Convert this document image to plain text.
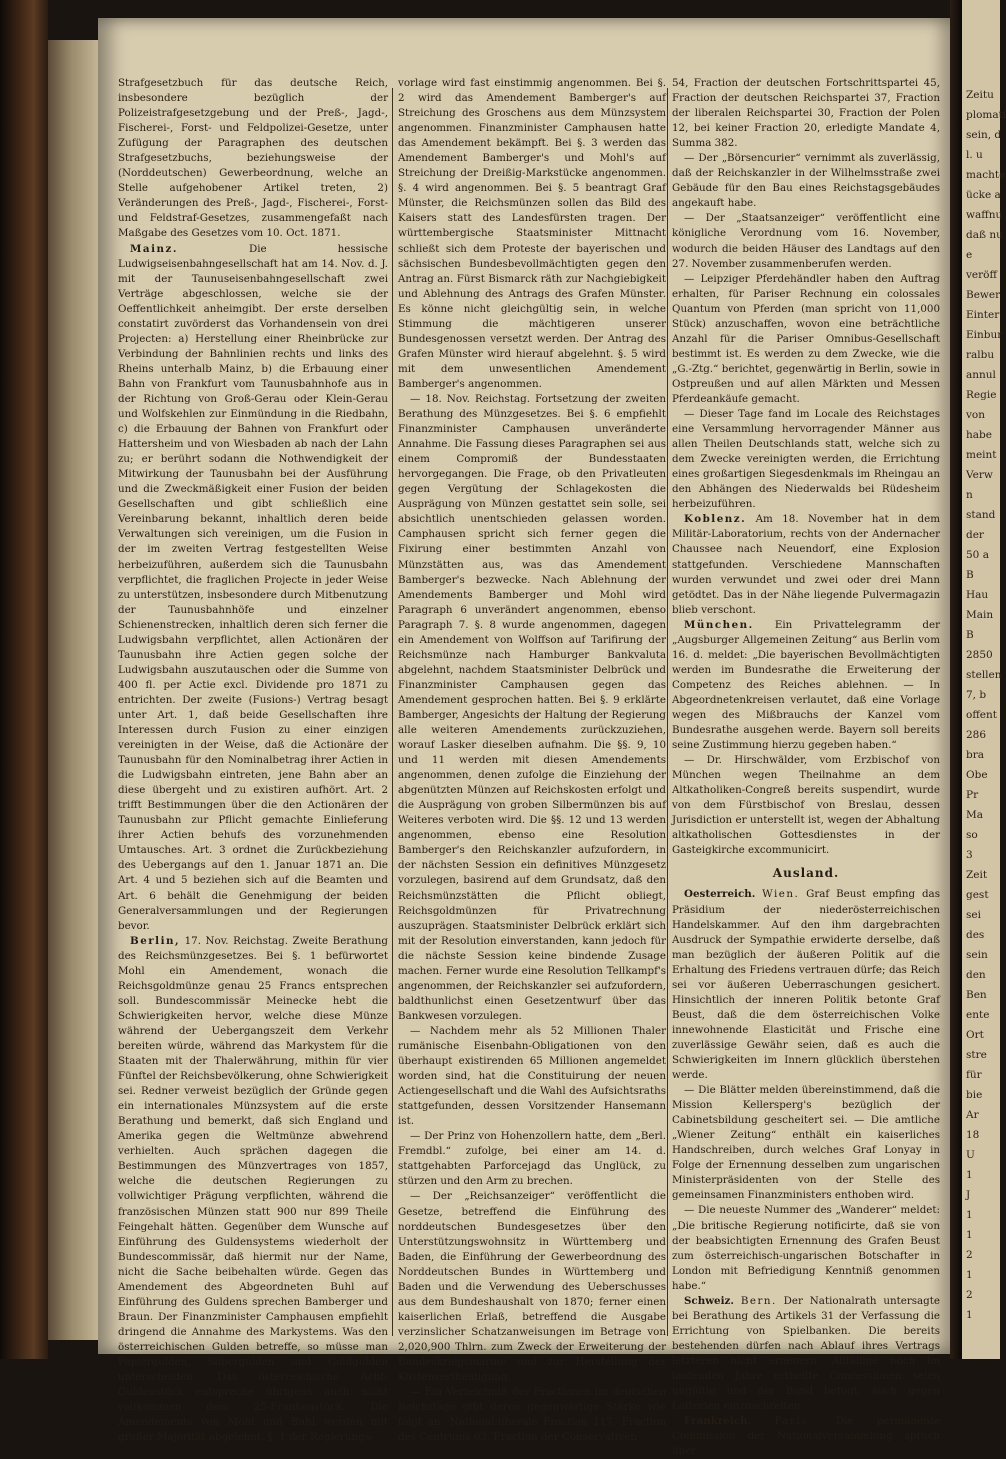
Zeitu
plomati
sein, d
l. u
machte
ücke a
waffnu
daß nu
e
veröff
Bewer
Einter
Einbur
ralbu
annul
Regie
von
habe
meint
Verw
n
stand
der
50 a
B
Hau
Main
B
2850
stellen
7, b
offent
286
bra
Obe
Pr
Ma
so
3
Zeit
gest
sei
des
sein
den
Ben
ente
Ort
stre
für
bie
Ar
18
U
1
J
1
1
2
1
2
1

Strafgesetzbuch für das deutsche Reich, insbesondere bezüglich der Polizeistrafgesetzgebung und der Preß-, Jagd-, Fischerei-, Forst- und Feldpolizei-Gesetze, unter Zufügung der Paragraphen des deutschen Strafgesetzbuchs, beziehungsweise der (Norddeutschen) Gewerbeordnung, welche an Stelle aufgehobener Artikel treten, 2) Veränderungen des Preß-, Jagd-, Fischerei-, Forst- und Feldstraf-Gesetzes, zusammengefaßt nach Maßgabe des Gesetzes vom 10. Oct. 1871.

Mainz.	Die hessische Ludwigseisenbahngesellschaft hat am 14. Nov. d. J. mit der Taunuseisenbahngesellschaft zwei Verträge abgeschlossen, welche sie der Oeffentlichkeit anheimgibt. Der erste derselben constatirt zuvörderst das Vorhandensein von drei Projecten: a) Herstellung einer Rheinbrücke zur Verbindung der Bahnlinien rechts und links des Rheins unterhalb Mainz, b) die Erbauung einer Bahn von Frankfurt vom Taunusbahnhofe aus in der Richtung von Groß-Gerau oder Klein-Gerau und Wolfskehlen zur Einmündung in die Riedbahn, c) die Erbauung der Bahnen von Frankfurt oder Hattersheim und von Wiesbaden ab nach der Lahn zu; er berührt sodann die Nothwendigkeit der Mitwirkung der Taunusbahn bei der Ausführung und die Zweckmäßigkeit einer Fusion der beiden Gesellschaften und gibt schließlich eine Vereinbarung bekannt, inhaltlich deren beide Verwaltungen sich vereinigen, um die Fusion in der im zweiten Vertrag festgestellten Weise herbeizuführen, außerdem sich die Taunusbahn verpflichtet, die fraglichen Projecte in jeder Weise zu unterstützen, insbesondere durch Mitbenutzung der Taunusbahnhöfe und einzelner Schienenstrecken, inhaltlich deren sich ferner die Ludwigsbahn verpflichtet, allen Actionären der Taunusbahn ihre Actien gegen solche der Ludwigsbahn auszutauschen oder die Summe von 400 fl. per Actie excl. Dividende pro 1871 zu entrichten. Der zweite (Fusions-) Vertrag besagt unter Art. 1, daß beide Gesellschaften ihre Interessen durch Fusion zu einer einzigen vereinigten in der Weise, daß die Actionäre der Taunusbahn für den Nominalbetrag ihrer Actien in die Ludwigsbahn eintreten, jene Bahn aber an diese übergeht und zu existiren aufhört. Art. 2 trifft Bestimmungen über die den Actionären der Taunusbahn zur Pflicht gemachte Einlieferung ihrer Actien behufs des vorzunehmenden Umtausches. Art. 3 ordnet die Zurückbeziehung des Uebergangs auf den 1. Januar 1871 an. Die Art. 4 und 5 beziehen sich auf die Beamten und Art. 6 behält die Genehmigung der beiden Generalversammlungen und der Regierungen bevor.

Berlin, 17. Nov. Reichstag. Zweite Berathung des Reichsmünzgesetzes. Bei §. 1 befürwortet Mohl ein Amendement, wonach die Reichsgoldmünze genau 25 Francs entsprechen soll. Bundescommissär Meinecke hebt die Schwierigkeiten hervor, welche diese Münze während der Uebergangszeit dem Verkehr bereiten würde, während das Markystem für die Staaten mit der Thalerwährung, mithin für vier Fünftel der Reichsbevölkerung, ohne Schwierigkeit sei. Redner verweist bezüglich der Gründe gegen ein internationales Münzsystem auf die erste Berathung und bemerkt, daß sich England und Amerika gegen die Weltmünze abwehrend verhielten. Auch sprächen dagegen die Bestimmungen des Münzvertrages von 1857, welche die deutschen Regierungen zu vollwichtiger Prägung verpflichten, während die französischen Münzen statt 900 nur 899 Theile Feingehalt hätten. Gegenüber dem Wunsche auf Einführung des Guldensystems wiederholt der Bundescommissär, daß hiermit nur der Name, nicht die Sache beibehalten würde. Gegen das Amendement des Abgeordneten Buhl auf Einführung des Guldens sprechen Bamberger und Braun. Der Finanzminister Camphausen empfiehlt dringend die Annahme des Markystems. Was den österreichischen Gulden betreffe, so müsse man Papiergulden, Silbergulden und Goldgulden unterscheiden. Das österreichische Acht-Guldenstück entspreche übrigens auch nicht vollkommen dem 25-Frankenstück. Die Amendements von Mohl und Buhl werden mit großer Majorität abgelehnt. §. 1 der Regierungs-

vorlage wird fast einstimmig angenommen. Bei §. 2 wird das Amendement Bamberger's auf Streichung des Groschens aus dem Münzsystem angenommen. Finanzminister Camphausen hatte das Amendement bekämpft. Bei §. 3 werden das Amendement Bamberger's und Mohl's auf Streichung der Dreißig-Markstücke angenommen. §. 4 wird angenommen. Bei §. 5 beantragt Graf Münster, die Reichsmünzen sollen das Bild des Kaisers statt des Landesfürsten tragen. Der württembergische Staatsminister Mittnacht schließt sich dem Proteste der bayerischen und sächsischen Bundesbevollmächtigten gegen den Antrag an. Fürst Bismarck räth zur Nachgiebigkeit und Ablehnung des Antrags des Grafen Münster. Es könne nicht gleichgültig sein, in welche Stimmung die mächtigeren unserer Bundesgenossen versetzt werden. Der Antrag des Grafen Münster wird hierauf abgelehnt. §. 5 wird mit dem unwesentlichen Amendement Bamberger's angenommen.

— 18. Nov. Reichstag. Fortsetzung der zweiten Berathung des Münzgesetzes. Bei §. 6 empfiehlt Finanzminister Camphausen unveränderte Annahme. Die Fassung dieses Paragraphen sei aus einem Compromiß der Bundesstaaten hervorgegangen. Die Frage, ob den Privatleuten gegen Vergütung der Schlagekosten die Ausprägung von Münzen gestattet sein solle, sei absichtlich unentschieden gelassen worden. Camphausen spricht sich ferner gegen die Fixirung einer bestimmten Anzahl von Münzstätten aus, was das Amendement Bamberger's bezwecke. Nach Ablehnung der Amendements Bamberger und Mohl wird Paragraph 6 unverändert angenommen, ebenso Paragraph 7. §. 8 wurde angenommen, dagegen ein Amendement von Wolffson auf Tarifirung der Reichsmünze nach Hamburger Bankvaluta abgelehnt, nachdem Staatsminister Delbrück und Finanzminister Camphausen gegen das Amendement gesprochen hatten. Bei §. 9 erklärte Bamberger, Angesichts der Haltung der Regierung alle weiteren Amendements zurückzuziehen, worauf Lasker dieselben aufnahm. Die §§. 9, 10 und 11 werden mit diesen Amendements angenommen, denen zufolge die Einziehung der abgenützten Münzen auf Reichskosten erfolgt und die Ausprägung von groben Silbermünzen bis auf Weiteres verboten wird. Die §§. 12 und 13 werden angenommen, ebenso eine Resolution Bamberger's den Reichskanzler aufzufordern, in der nächsten Session ein definitives Münzgesetz vorzulegen, basirend auf dem Grundsatz, daß den Reichsmünzstätten die Pflicht obliegt, Reichsgoldmünzen für Privatrechnung auszuprägen. Staatsminister Delbrück erklärt sich mit der Resolution einverstanden, kann jedoch für die nächste Session keine bindende Zusage machen. Ferner wurde eine Resolution Tellkampf's angenommen, der Reichskanzler sei aufzufordern, baldthunlichst einen Gesetzentwurf über das Bankwesen vorzulegen.

— Nachdem mehr als 52 Millionen Thaler rumänische Eisenbahn-Obligationen von den überhaupt existirenden 65 Millionen angemeldet worden sind, hat die Constituirung der neuen Actiengesellschaft und die Wahl des Aufsichtsraths stattgefunden, dessen Vorsitzender Hansemann ist.

— Der Prinz von Hohenzollern hatte, dem „Berl. Fremdbl.“ zufolge, bei einer am 14. d. stattgehabten Parforcejagd das Unglück, zu stürzen und den Arm zu brechen.

— Der „Reichsanzeiger“ veröffentlicht die Gesetze, betreffend die Einführung des norddeutschen Bundesgesetzes über den Unterstützungswohnsitz in Württemberg und Baden, die Einführung der Gewerbeordnung des Norddeutschen Bundes in Württemberg und Baden und die Verwendung des Ueberschusses aus dem Bundeshaushalt von 1870; ferner einen kaiserlichen Erlaß, betreffend die Ausgabe verzinslicher Schatzanweisungen im Betrage von 2,020,900 Thlrn. zum Zweck der Erweiterung der Bundeskriegsmarine und zur Herstellung der Küstenvertheidigung.

— Ein Verzeichniß der Fractionen im deutschen Reichstage gibt deren gegenwärtige Stärke wie folgt an: National-liberale Fraction 117, Fraction des Centrums 63, Fraction der Conservativen

54, Fraction der deutschen Fortschrittspartei 45, Fraction der deutschen Reichspartei 37, Fraction der liberalen Reichspartei 30, Fraction der Polen 12, bei keiner Fraction 20, erledigte Mandate 4, Summa 382.

— Der „Börsencurier“ vernimmt als zuverlässig, daß der Reichskanzler in der Wilhelmsstraße zwei Gebäude für den Bau eines Reichstagsgebäudes angekauft habe.

— Der „Staatsanzeiger“ veröffentlicht eine königliche Verordnung vom 16. November, wodurch die beiden Häuser des Landtags auf den 27. November zusammenberufen werden.

— Leipziger Pferdehändler haben den Auftrag erhalten, für Pariser Rechnung ein colossales Quantum von Pferden (man spricht von 11,000 Stück) anzuschaffen, wovon eine beträchtliche Anzahl für die Pariser Omnibus-Gesellschaft bestimmt ist. Es werden zu dem Zwecke, wie die „G.-Ztg.“ berichtet, gegenwärtig in Berlin, sowie in Ostpreußen und auf allen Märkten und Messen Pferdeankäufe gemacht.

— Dieser Tage fand im Locale des Reichstages eine Versammlung hervorragender Männer aus allen Theilen Deutschlands statt, welche sich zu dem Zwecke vereinigten werden, die Errichtung eines großartigen Siegesdenkmals im Rheingau an den Abhängen des Niederwalds bei Rüdesheim herbeizuführen.

Koblenz. Am 18. November hat in dem Militär-Laboratorium, rechts von der Andernacher Chaussee nach Neuendorf, eine Explosion stattgefunden. Verschiedene Mannschaften wurden verwundet und zwei oder drei Mann getödtet. Das in der Nähe liegende Pulvermagazin blieb verschont.

München. Ein Privattelegramm der „Augsburger Allgemeinen Zeitung“ aus Berlin vom 16. d. meldet: „Die bayerischen Bevollmächtigten werden im Bundesrathe die Erweiterung der Competenz des Reiches ablehnen. — In Abgeordnetenkreisen verlautet, daß eine Vorlage wegen des Mißbrauchs der Kanzel vom Bundesrathe ausgehen werde. Bayern soll bereits seine Zustimmung hierzu gegeben haben.“

— Dr. Hirschwälder, vom Erzbischof von München wegen Theilnahme an dem Altkatholiken-Congreß bereits suspendirt, wurde von dem Fürstbischof von Breslau, dessen Jurisdiction er unterstellt ist, wegen der Abhaltung altkatholischen Gottesdienstes in der Gasteigkirche excommunicirt.

Ausland.

Oesterreich. Wien. Graf Beust empfing das Präsidium der niederösterreichischen Handelskammer. Auf den ihm dargebrachten Ausdruck der Sympathie erwiderte derselbe, daß man bezüglich der äußeren Politik auf die Erhaltung des Friedens vertrauen dürfe; das Reich sei vor äußeren Ueberraschungen gesichert. Hinsichtlich der inneren Politik betonte Graf Beust, daß die dem österreichischen Volke innewohnende Elasticität und Frische eine zuverlässige Gewähr seien, daß es auch die Schwierigkeiten im Innern glücklich überstehen werde.

— Die Blätter melden übereinstimmend, daß die Mission Kellersperg's bezüglich der Cabinetsbildung gescheitert sei. — Die amtliche „Wiener Zeitung“ enthält ein kaiserliches Handschreiben, durch welches Graf Lonyay in Folge der Ernennung desselben zum ungarischen Ministerpräsidenten von der Stelle des gemeinsamen Finanzministers enthoben wird.

— Die neueste Nummer des „Wanderer“ meldet: „Die britische Regierung notificirte, daß sie von der beabsichtigten Ernennung des Grafen Beust zum österreichisch-ungarischen Botschafter in London mit Befriedigung Kenntniß genommen habe.“

Schweiz. Bern. Der Nationalrath untersagte bei Berathung des Artikels 31 der Verfassung die Errichtung von Spielbanken. Die bereits bestehenden dürfen nach Ablauf ihres Vertrags letzteren nicht erneuern. Allfällige noch im laufenden Jahre ertheilte Concessionen seien ungültig und der Bund befugt, auch gegen Lotterien einzuschreiten.

Frankreich. Paris. Die permanente Commission der Nationalversammlung sprach über
